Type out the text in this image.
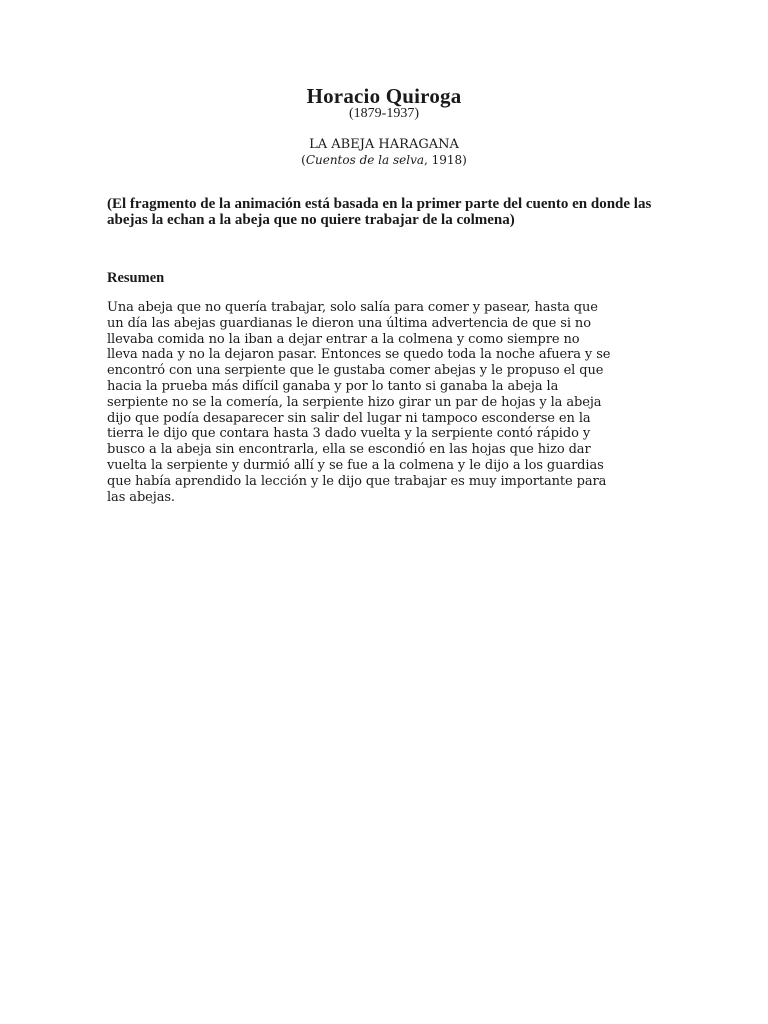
Horacio Quiroga
(1879-1937)
LA ABEJA HARAGANA
(Cuentos de la selva, 1918)
(El fragmento de la animación está basada en la primer parte del cuento en donde las abejas la echan a la abeja que no quiere trabajar de la colmena)
Resumen
Una abeja que no quería trabajar, solo salía para comer y pasear, hasta que
un día las abejas guardianas le dieron una última advertencia de que si no
llevaba comida no la iban a dejar entrar a la colmena y como siempre no
lleva nada y no la dejaron pasar. Entonces se quedo toda la noche afuera y se
encontró con una serpiente que le gustaba comer abejas y le propuso el que
hacia la prueba más difícil ganaba y por lo tanto si ganaba la abeja la
serpiente no se la comería, la serpiente hizo girar un par de hojas y la abeja
dijo que podía desaparecer sin salir del lugar ni tampoco esconderse en la
tierra le dijo que contara hasta 3 dado vuelta y la serpiente contó rápido y
busco a la abeja sin encontrarla, ella se escondió en las hojas que hizo dar
vuelta la serpiente y durmió allí y se fue a la colmena y le dijo a los guardias
que había aprendido la lección y le dijo que trabajar es muy importante para
las abejas.
